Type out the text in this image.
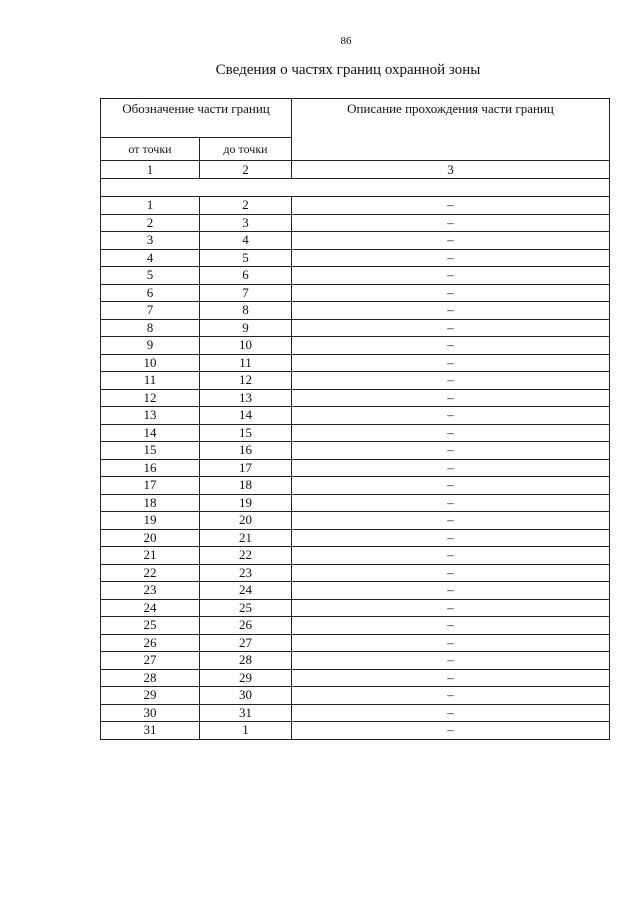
86
Сведения о частях границ охранной зоны
Обозначение части границ		Описание прохождения части границ
от точки	до точки	
1	2	3

1	2	–
2	3	–
3	4	–
4	5	–
5	6	–
6	7	–
7	8	–
8	9	–
9	10	–
10	11	–
11	12	–
12	13	–
13	14	–
14	15	–
15	16	–
16	17	–
17	18	–
18	19	–
19	20	–
20	21	–
21	22	–
22	23	–
23	24	–
24	25	–
25	26	–
26	27	–
27	28	–
28	29	–
29	30	–
30	31	–
31	1	–
